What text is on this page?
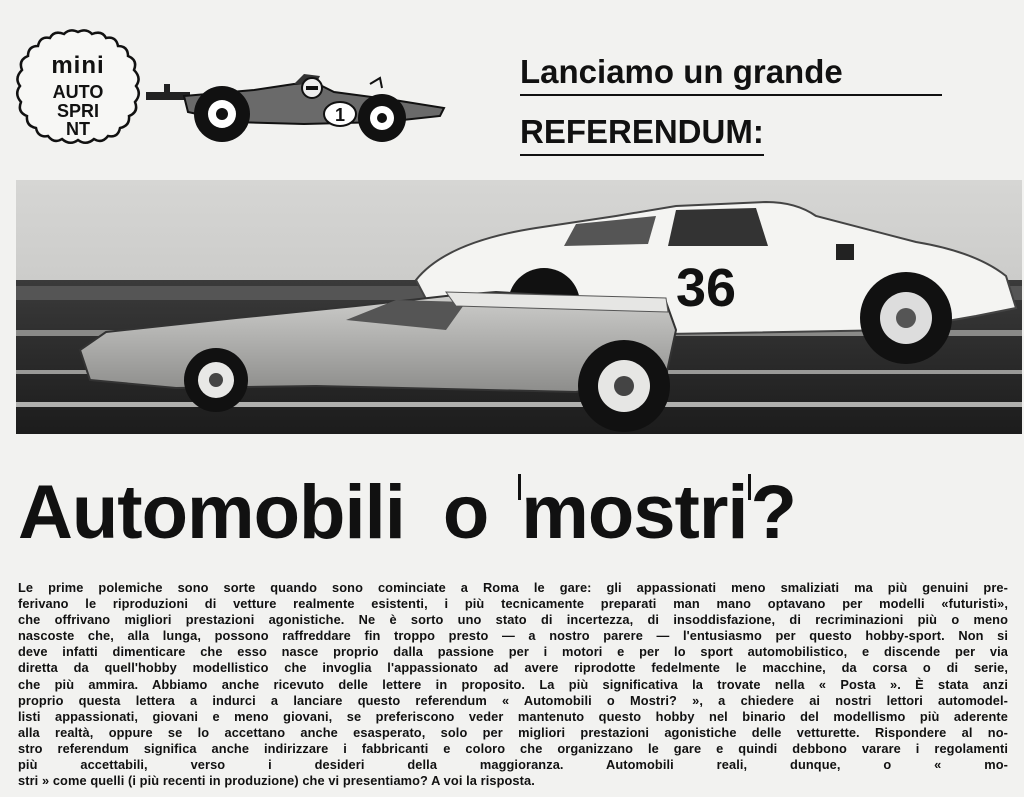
mini
AUTO
SPRI
NT
1
Lanciamo un grande
REFERENDUM:
36
Automobili o mostri?
Le prime polemiche sono sorte quando sono cominciate a Roma le gare: gli appassionati meno smaliziati ma più genuini pre-
ferivano le riproduzioni di vetture realmente esistenti, i più tecnicamente preparati man mano optavano per modelli «futuristi»,
che offrivano migliori prestazioni agonistiche. Ne è sorto uno stato di incertezza, di insoddisfazione, di recriminazioni più o meno
nascoste che, alla lunga, possono raffreddare fin troppo presto — a nostro parere — l'entusiasmo per questo hobby-sport. Non si
deve infatti dimenticare che esso nasce proprio dalla passione per i motori e per lo sport automobilistico, e discende per via
diretta da quell'hobby modellistico che invoglia l'appassionato ad avere riprodotte fedelmente le macchine, da corsa o di serie,
che più ammira. Abbiamo anche ricevuto delle lettere in proposito. La più significativa la trovate nella « Posta ». È stata anzi
proprio questa lettera a indurci a lanciare questo referendum « Automobili o Mostri? », a chiedere ai nostri lettori automodel-
listi appassionati, giovani e meno giovani, se preferiscono veder mantenuto questo hobby nel binario del modellismo più aderente
alla realtà, oppure se lo accettano anche esasperato, solo per migliori prestazioni agonistiche delle vetturette. Rispondere al no-
stro referendum significa anche indirizzare i fabbricanti e coloro che organizzano le gare e quindi debbono varare i regolamenti
più accettabili, verso i desideri della maggioranza. Automobili reali, dunque, o « mo-
stri » come quelli (i più recenti in produzione) che vi presentiamo? A voi la risposta.
